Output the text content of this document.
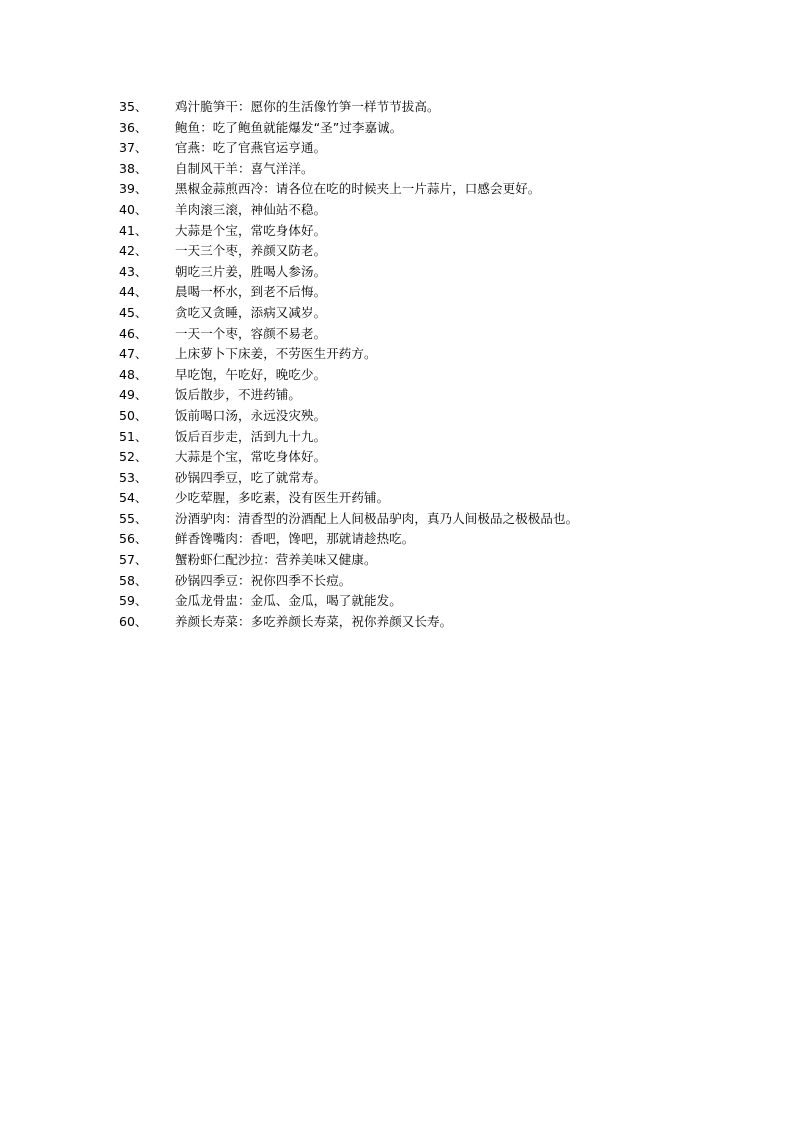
35、	鸡汁脆笋干：愿你的生活像竹笋一样节节拔高。
36、	鲍鱼：吃了鲍鱼就能爆发“圣”过李嘉诚。
37、	官燕：吃了官燕官运亨通。
38、	自制风干羊：喜气洋洋。
39、	黑椒金蒜煎西冷：请各位在吃的时候夹上一片蒜片，口感会更好。
40、	羊肉滚三滚，神仙站不稳。
41、	大蒜是个宝，常吃身体好。
42、	一天三个枣，养颜又防老。
43、	朝吃三片姜，胜喝人参汤。
44、	晨喝一杯水，到老不后悔。
45、	贪吃又贪睡，添病又减岁。
46、	一天一个枣，容颜不易老。
47、	上床萝卜下床姜，不劳医生开药方。
48、	早吃饱，午吃好，晚吃少。
49、	饭后散步，不进药铺。
50、	饭前喝口汤，永远没灾殃。
51、	饭后百步走，活到九十九。
52、	大蒜是个宝，常吃身体好。
53、	砂锅四季豆，吃了就常寿。
54、	少吃荤腥，多吃素，没有医生开药铺。
55、	汾酒驴肉：清香型的汾酒配上人间极品驴肉，真乃人间极品之极极品也。
56、	鲜香馋嘴肉：香吧，馋吧，那就请趁热吃。
57、	蟹粉虾仁配沙拉：营养美味又健康。
58、	砂锅四季豆：祝你四季不长痘。
59、	金瓜龙骨盅：金瓜、金瓜，喝了就能发。
60、	养颜长寿菜：多吃养颜长寿菜，祝你养颜又长寿。
